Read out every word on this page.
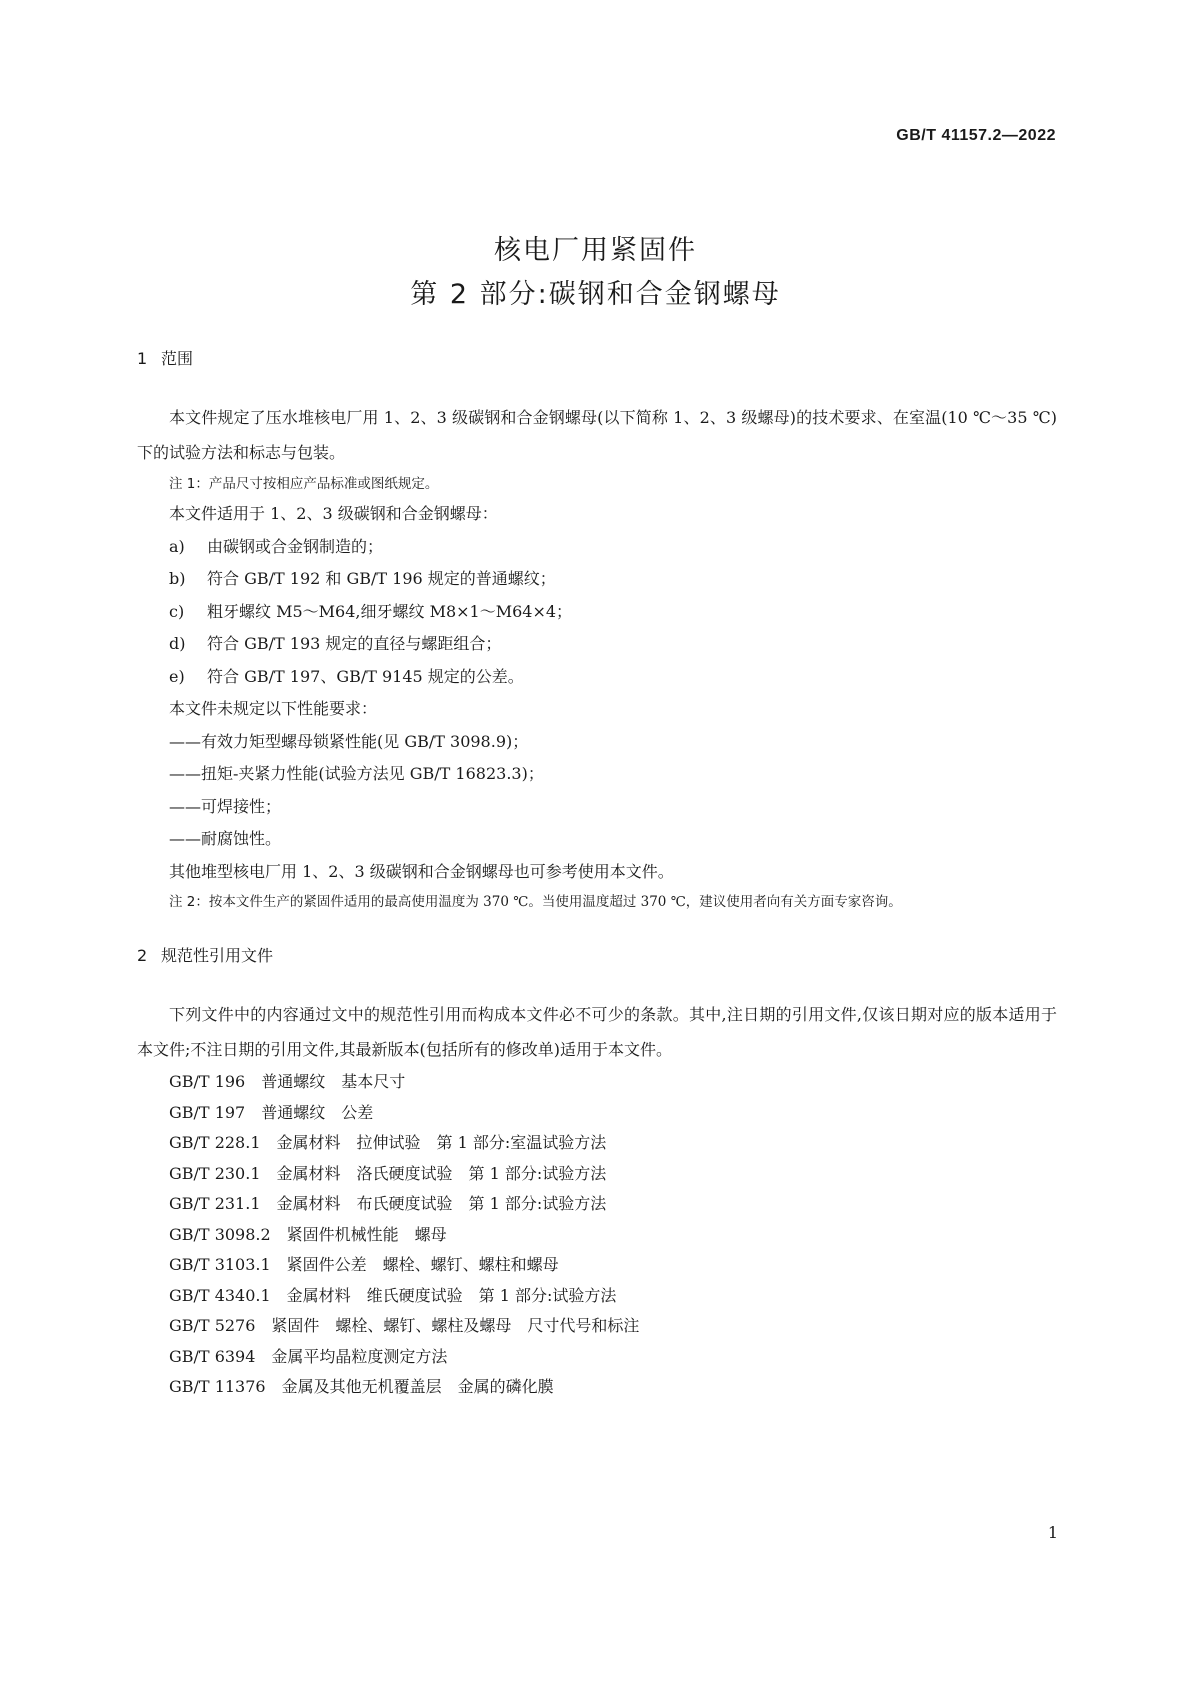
GB/T 41157.2—2022
核电厂用紧固件
第 2 部分:碳钢和合金钢螺母
1 范围

本文件规定了压水堆核电厂用 1、2、3 级碳钢和合金钢螺母(以下简称 1、2、3 级螺母)的技术要求、在室温(10 ℃～35 ℃)下的试验方法和标志与包装。

注 1：产品尺寸按相应产品标准或图纸规定。

本文件适用于 1、2、3 级碳钢和合金钢螺母：

a) 由碳钢或合金钢制造的；

b) 符合 GB/T 192 和 GB/T 196 规定的普通螺纹；

c) 粗牙螺纹 M5～M64,细牙螺纹 M8×1～M64×4；

d) 符合 GB/T 193 规定的直径与螺距组合；

e) 符合 GB/T 197、GB/T 9145 规定的公差。

本文件未规定以下性能要求：

——有效力矩型螺母锁紧性能(见 GB/T 3098.9)；

——扭矩-夹紧力性能(试验方法见 GB/T 16823.3)；

——可焊接性；

——耐腐蚀性。

其他堆型核电厂用 1、2、3 级碳钢和合金钢螺母也可参考使用本文件。

注 2：按本文件生产的紧固件适用的最高使用温度为 370 ℃。当使用温度超过 370 ℃，建议使用者向有关方面专家咨询。

2 规范性引用文件

下列文件中的内容通过文中的规范性引用而构成本文件必不可少的条款。其中,注日期的引用文件,仅该日期对应的版本适用于本文件;不注日期的引用文件,其最新版本(包括所有的修改单)适用于本文件。

GB/T 196　普通螺纹　基本尺寸

GB/T 197　普通螺纹　公差

GB/T 228.1　金属材料　拉伸试验　第 1 部分:室温试验方法

GB/T 230.1　金属材料　洛氏硬度试验　第 1 部分:试验方法

GB/T 231.1　金属材料　布氏硬度试验　第 1 部分:试验方法

GB/T 3098.2　紧固件机械性能　螺母

GB/T 3103.1　紧固件公差　螺栓、螺钉、螺柱和螺母

GB/T 4340.1　金属材料　维氏硬度试验　第 1 部分:试验方法

GB/T 5276　紧固件　螺栓、螺钉、螺柱及螺母　尺寸代号和标注

GB/T 6394　金属平均晶粒度测定方法

GB/T 11376　金属及其他无机覆盖层　金属的磷化膜

1
